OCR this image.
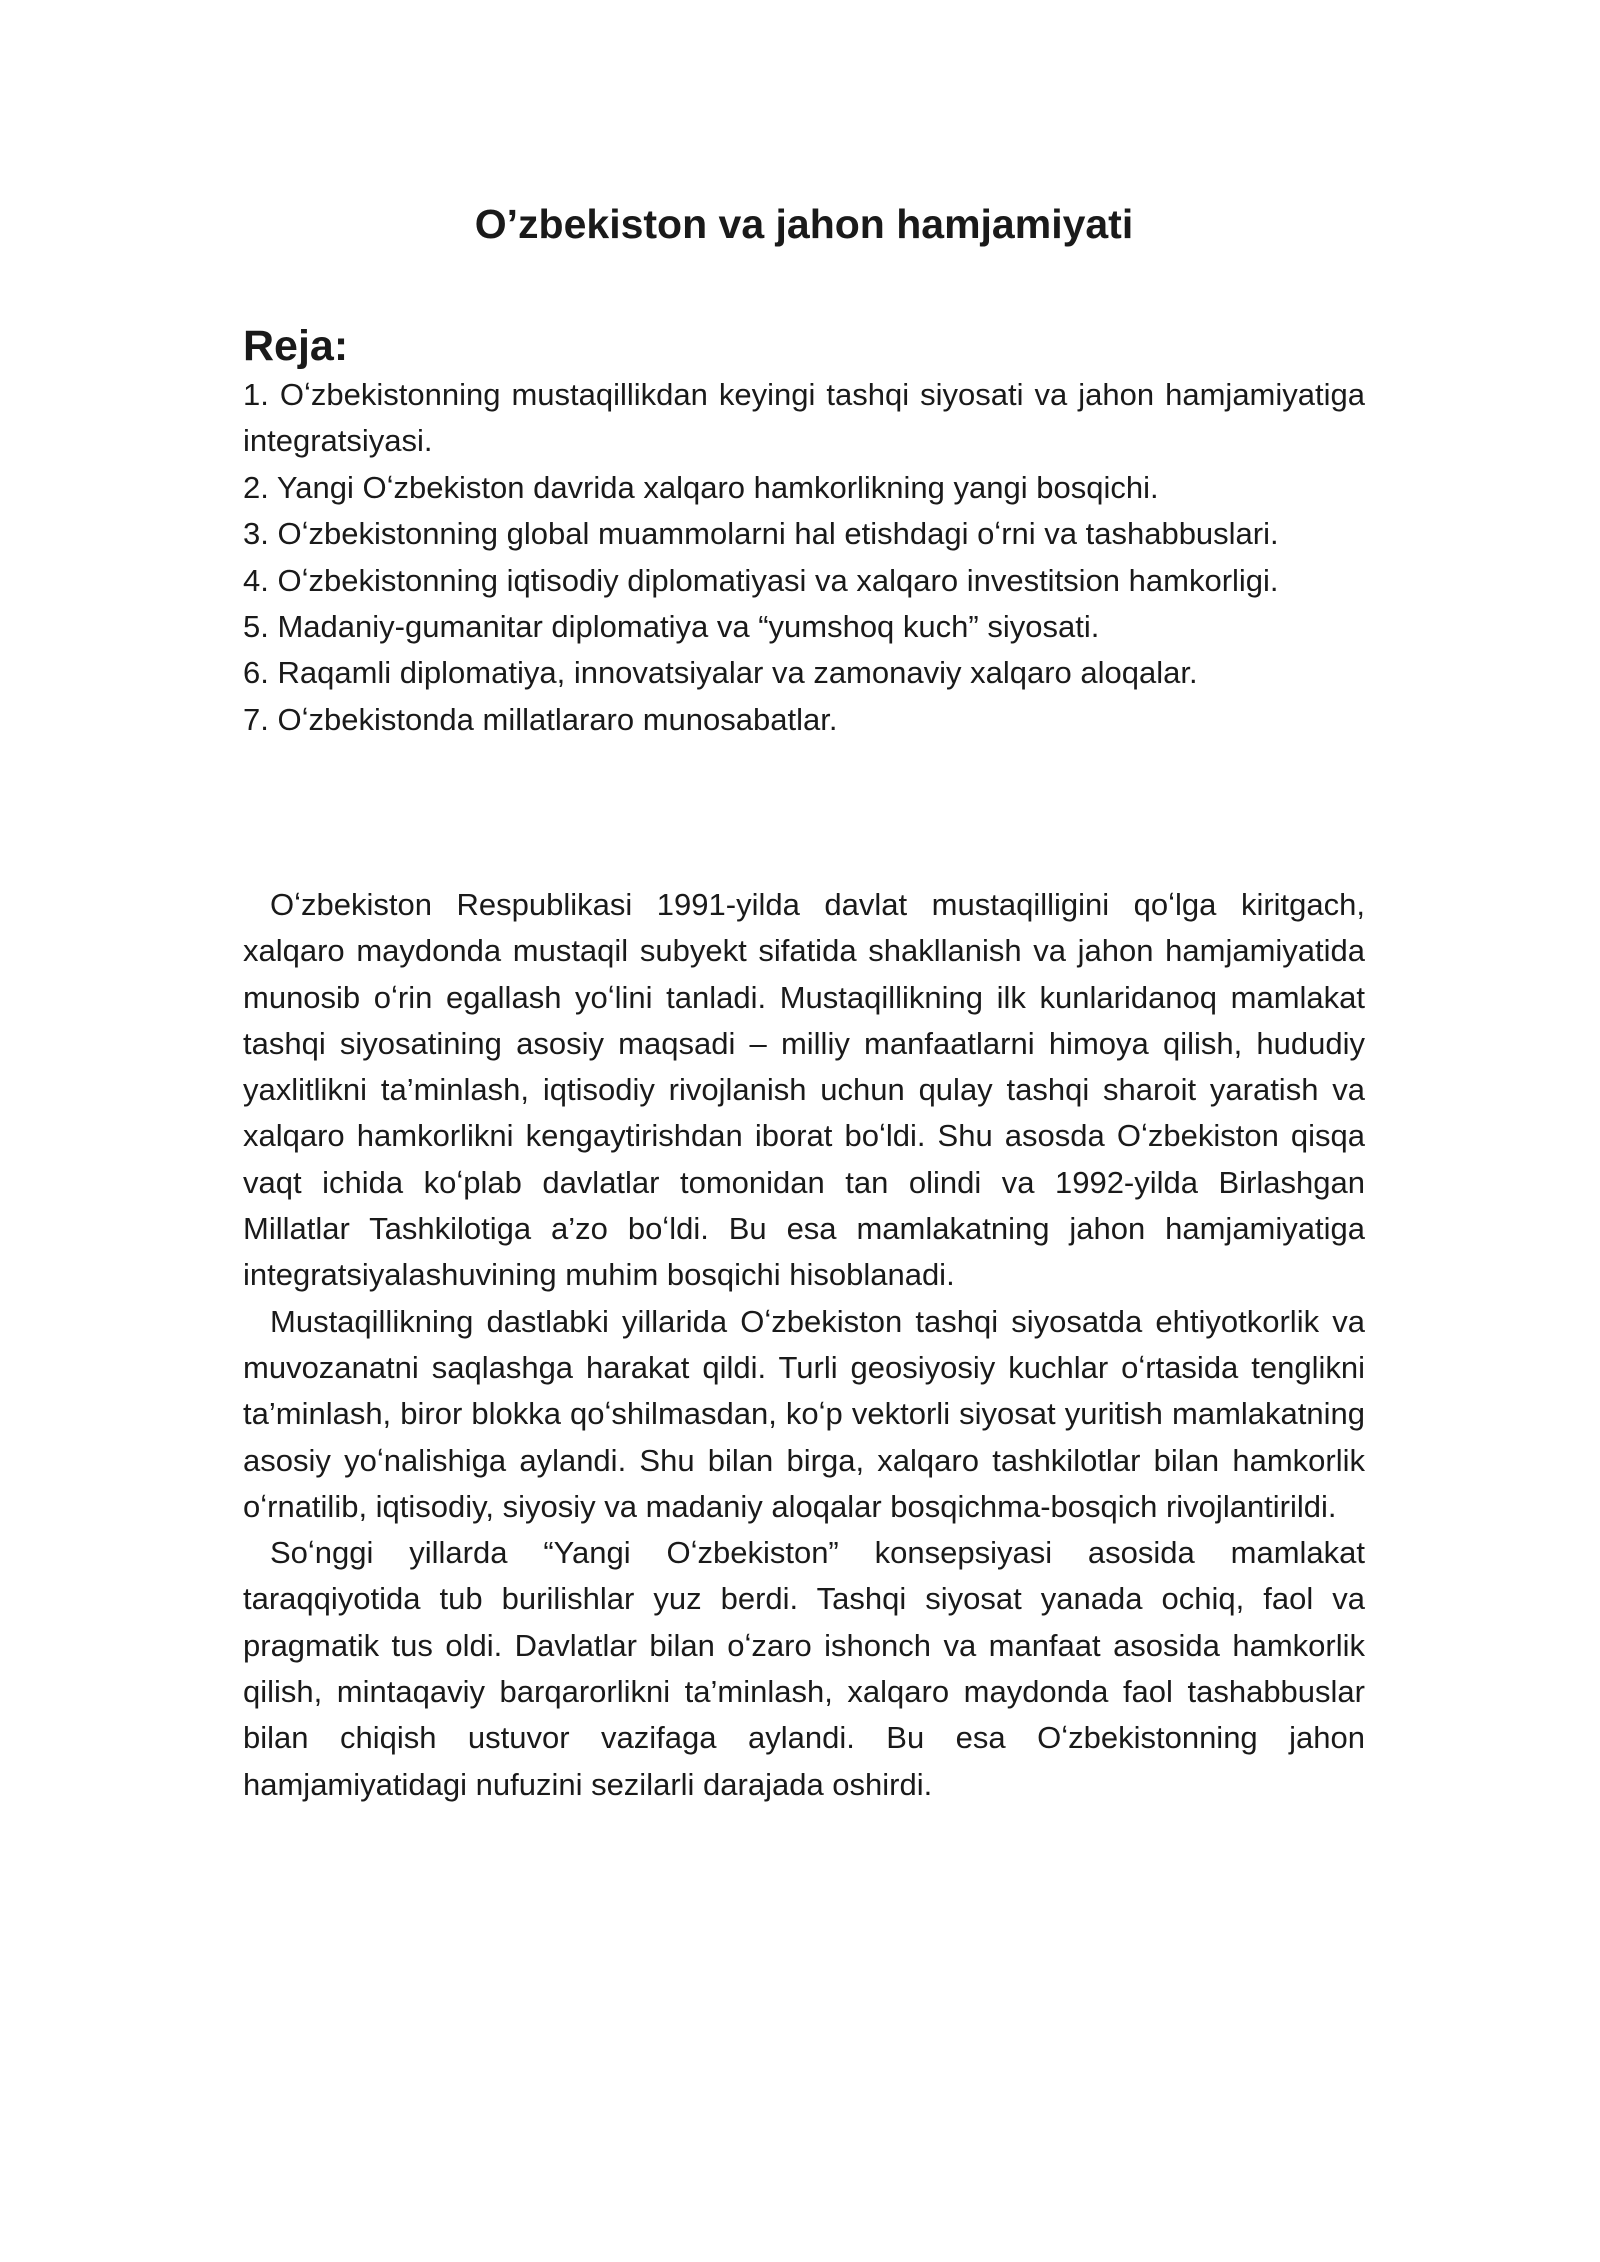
O’zbekiston va jahon hamjamiyati
Reja:
1. Oʻzbekistonning mustaqillikdan keyingi tashqi siyosati va jahon hamjamiyatiga integratsiyasi.
2. Yangi Oʻzbekiston davrida xalqaro hamkorlikning yangi bosqichi.
3. Oʻzbekistonning global muammolarni hal etishdagi oʻrni va tashabbuslari.
4. Oʻzbekistonning iqtisodiy diplomatiyasi va xalqaro investitsion hamkorligi.
5. Madaniy-gumanitar diplomatiya va “yumshoq kuch” siyosati.
6. Raqamli diplomatiya, innovatsiyalar va zamonaviy xalqaro aloqalar.
7. Oʻzbekistonda millatlararo munosabatlar.

Oʻzbekiston Respublikasi 1991-yilda davlat mustaqilligini qoʻlga kiritgach, xalqaro maydonda mustaqil subyekt sifatida shakllanish va jahon hamjamiyatida munosib oʻrin egallash yoʻlini tanladi. Mustaqillikning ilk kunlaridanoq mamlakat tashqi siyosatining asosiy maqsadi – milliy manfaatlarni himoya qilish, hududiy yaxlitlikni ta’minlash, iqtisodiy rivojlanish uchun qulay tashqi sharoit yaratish va xalqaro hamkorlikni kengaytirishdan iborat boʻldi. Shu asosda Oʻzbekiston qisqa vaqt ichida koʻplab davlatlar tomonidan tan olindi va 1992-yilda Birlashgan Millatlar Tashkilotiga a’zo boʻldi. Bu esa mamlakatning jahon hamjamiyatiga integratsiyalashuvining muhim bosqichi hisoblanadi.

Mustaqillikning dastlabki yillarida Oʻzbekiston tashqi siyosatda ehtiyotkorlik va muvozanatni saqlashga harakat qildi. Turli geosiyosiy kuchlar oʻrtasida tenglikni ta’minlash, biror blokka qoʻshilmasdan, koʻp vektorli siyosat yuritish mamlakatning asosiy yoʻnalishiga aylandi. Shu bilan birga, xalqaro tashkilotlar bilan hamkorlik oʻrnatilib, iqtisodiy, siyosiy va madaniy aloqalar bosqichma-bosqich rivojlantirildi.

Soʻnggi yillarda “Yangi Oʻzbekiston” konsepsiyasi asosida mamlakat taraqqiyotida tub burilishlar yuz berdi. Tashqi siyosat yanada ochiq, faol va pragmatik tus oldi. Davlatlar bilan oʻzaro ishonch va manfaat asosida hamkorlik qilish, mintaqaviy barqarorlikni ta’minlash, xalqaro maydonda faol tashabbuslar bilan chiqish ustuvor vazifaga aylandi. Bu esa Oʻzbekistonning jahon hamjamiyatidagi nufuzini sezilarli darajada oshirdi.
